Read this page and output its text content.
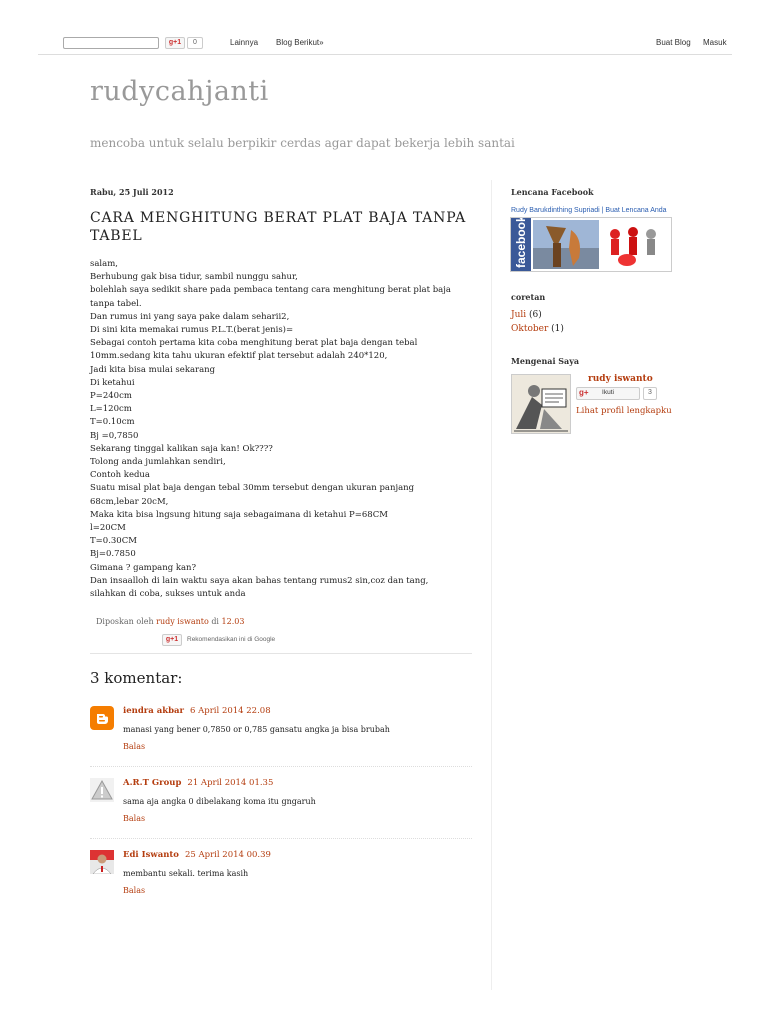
g+1	0	Lainnya Blog Berikut»	Buat Blog Masuk
rudycahjanti
mencoba untuk selalu berpikir cerdas agar dapat bekerja lebih santai
Rabu, 25 Juli 2012
CARA MENGHITUNG BERAT PLAT BAJA TANPA TABEL
salam,
Berhubung gak bisa tidur, sambil nunggu sahur,
bolehlah saya sedikit share pada pembaca tentang cara menghitung berat plat baja
tanpa tabel.
Dan rumus ini yang saya pake dalam seharii2,
Di sini kita memakai rumus P.L.T.(berat jenis)=
Sebagai contoh pertama kita coba menghitung berat plat baja dengan tebal
10mm.sedang kita tahu ukuran efektif plat tersebut adalah 240*120,
Jadi kita bisa mulai sekarang
Di ketahui
P=240cm
L=120cm
T=0.10cm
Bj =0,7850
Sekarang tinggal kalikan saja kan! Ok????
Tolong anda jumlahkan sendiri,
Contoh kedua
Suatu misal plat baja dengan tebal 30mm tersebut dengan ukuran panjang
68cm,lebar 20cM,
Maka kita bisa lngsung hitung saja sebagaimana di ketahui P=68CM
l=20CM
T=0.30CM
Bj=0.7850
Gimana ? gampang kan?
Dan insaalloh di lain waktu saya akan bahas tentang rumus2 sin,coz dan tang,
silahkan di coba, sukses untuk anda
Diposkan oleh rudy iswanto di 12.03
g+1	Rekomendasikan ini di Google
3 komentar:
iendra akbar 6 April 2014 22.08
manasi yang bener 0,7850 or 0,785 gansatu angka ja bisa brubah
Balas
A.R.T Group 21 April 2014 01.35
sama aja angka 0 dibelakang koma itu gngaruh
Balas
Edi Iswanto 25 April 2014 00.39
membantu sekali. terima kasih
Balas
Lencana Facebook
Rudy Barukdinthing Supriadi | Buat Lencana Anda
facebook
coretan
Juli (6)
Oktober (1)
Mengenai Saya
rudy iswanto
g+ Ikuti	3
Lihat profil lengkapku
